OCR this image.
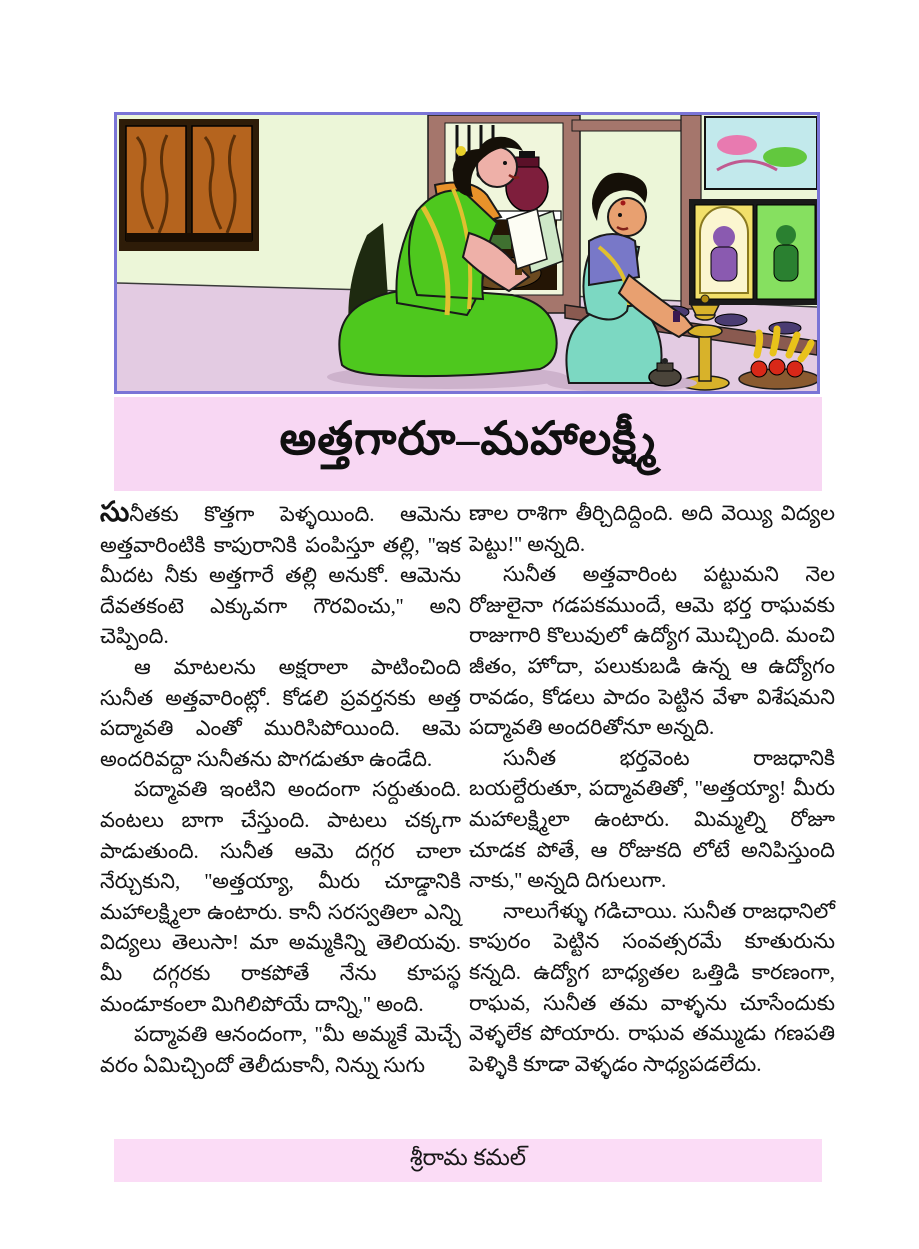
అత్తగారూ–మహాలక్ష్మీ

సునీతకు కొత్తగా పెళ్ళయింది. ఆమెను అత్తవారింటికి కాపురానికి పంపిస్తూ తల్లి, ''ఇక మీదట నీకు అత్తగారే తల్లి అనుకో. ఆమెను దేవతకంటె ఎక్కువగా గౌరవించు,'' అని చెప్పింది.

ఆ మాటలను అక్షరాలా పాటించింది సునీత అత్తవారింట్లో. కోడలి ప్రవర్తనకు అత్త పద్మావతి ఎంతో మురిసిపోయింది. ఆమె అందరివద్దా సునీతను పొగడుతూ ఉండేది.

పద్మావతి ఇంటిని అందంగా సర్దుతుంది. వంటలు బాగా చేస్తుంది. పాటలు చక్కగా పాడుతుంది. సునీత ఆమె దగ్గర చాలా నేర్చుకుని, ''అత్తయ్యా, మీరు చూడ్డానికి మహాలక్ష్మిలా ఉంటారు. కానీ సరస్వతిలా ఎన్ని విద్యలు తెలుసా! మా అమ్మకిన్ని తెలియవు. మీ దగ్గరకు రాకపోతే నేను కూపస్థ మండూకంలా మిగిలిపోయే దాన్ని,'' అంది.

పద్మావతి ఆనందంగా, ''మీ అమ్మకే మెచ్చే వరం ఏమిచ్చిందో తెలీదుకానీ, నిన్ను సుగు

ణాల రాశిగా తీర్చిదిద్దింది. అది వెయ్యి విద్యల పెట్టు!'' అన్నది.

సునీత అత్తవారింట పట్టుమని నెల రోజులైనా గడపకముందే, ఆమె భర్త రాఘవకు రాజుగారి కొలువులో ఉద్యోగ మొచ్చింది. మంచి జీతం, హోదా, పలుకుబడి ఉన్న ఆ ఉద్యోగం రావడం, కోడలు పాదం పెట్టిన వేళా విశేషమని పద్మావతి అందరితోనూ అన్నది.

సునీత భర్తవెంట రాజధానికి బయల్దేరుతూ, పద్మావతితో, ''అత్తయ్యా! మీరు మహాలక్ష్మిలా ఉంటారు. మిమ్మల్ని రోజూ చూడక పోతే, ఆ రోజుకది లోటే అనిపిస్తుంది నాకు,'' అన్నది దిగులుగా.

నాలుగేళ్ళు గడిచాయి. సునీత రాజధానిలో కాపురం పెట్టిన సంవత్సరమే కూతురును కన్నది. ఉద్యోగ బాధ్యతల ఒత్తిడి కారణంగా, రాఘవ, సునీత తమ వాళ్ళను చూసేందుకు వెళ్ళలేక పోయారు. రాఘవ తమ్ముడు గణపతి పెళ్ళికి కూడా వెళ్ళడం సాధ్యపడలేదు.

శ్రీరామ కమల్
